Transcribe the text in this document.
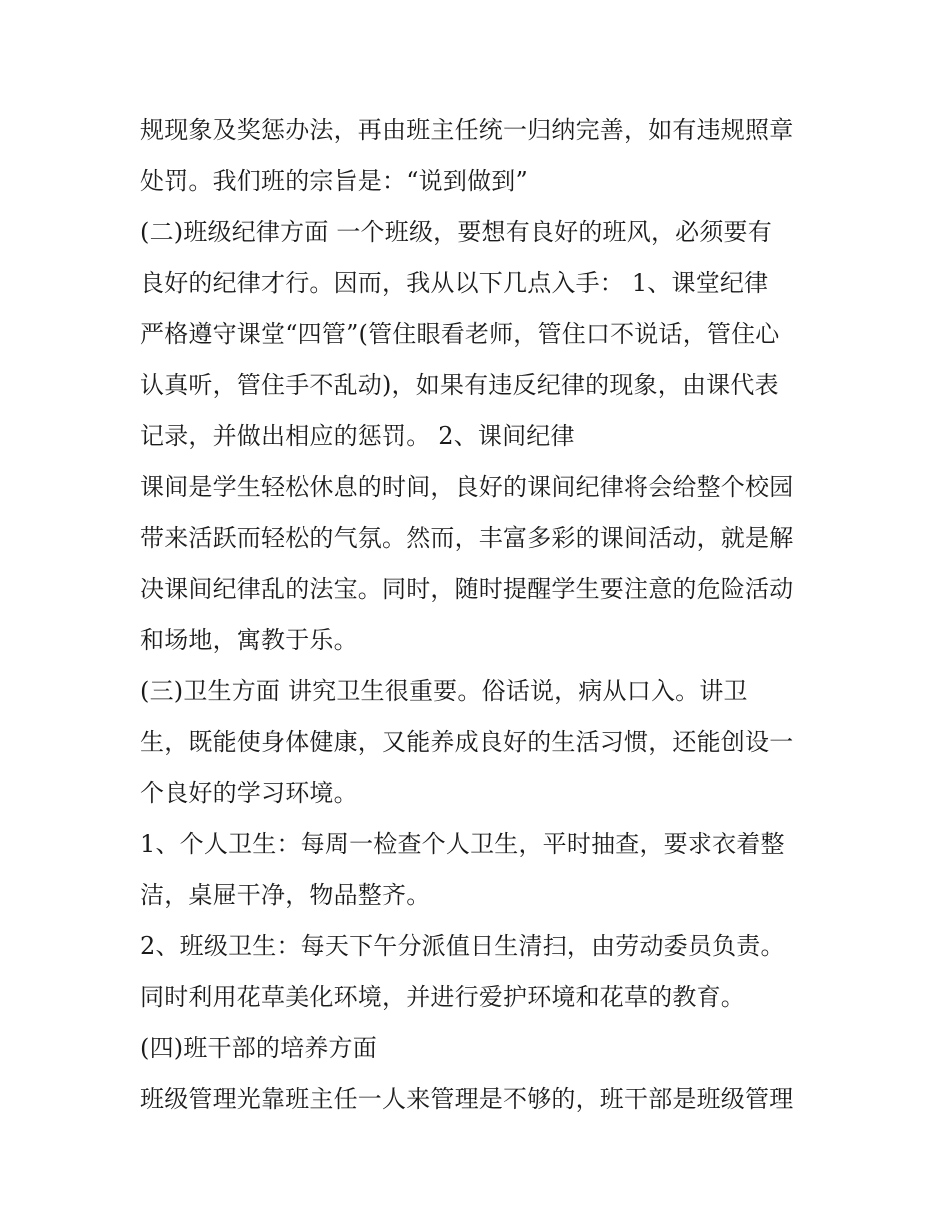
规现象及奖惩办法，再由班主任统一归纳完善，如有违规照章
处罚。我们班的宗旨是：“说到做到”
(二)班级纪律方面 一个班级，要想有良好的班风，必须要有
良好的纪律才行。因而，我从以下几点入手： 1、课堂纪律
严格遵守课堂“四管”(管住眼看老师，管住口不说话，管住心
认真听，管住手不乱动)，如果有违反纪律的现象，由课代表
记录，并做出相应的惩罚。 2、课间纪律
课间是学生轻松休息的时间，良好的课间纪律将会给整个校园
带来活跃而轻松的气氛。然而，丰富多彩的课间活动，就是解
决课间纪律乱的法宝。同时，随时提醒学生要注意的危险活动
和场地，寓教于乐。
(三)卫生方面 讲究卫生很重要。俗话说，病从口入。讲卫
生，既能使身体健康，又能养成良好的生活习惯，还能创设一
个良好的学习环境。
1、个人卫生：每周一检查个人卫生，平时抽查，要求衣着整
洁，桌屉干净，物品整齐。
2、班级卫生：每天下午分派值日生清扫，由劳动委员负责。
同时利用花草美化环境，并进行爱护环境和花草的教育。
(四)班干部的培养方面
班级管理光靠班主任一人来管理是不够的，班干部是班级管理
